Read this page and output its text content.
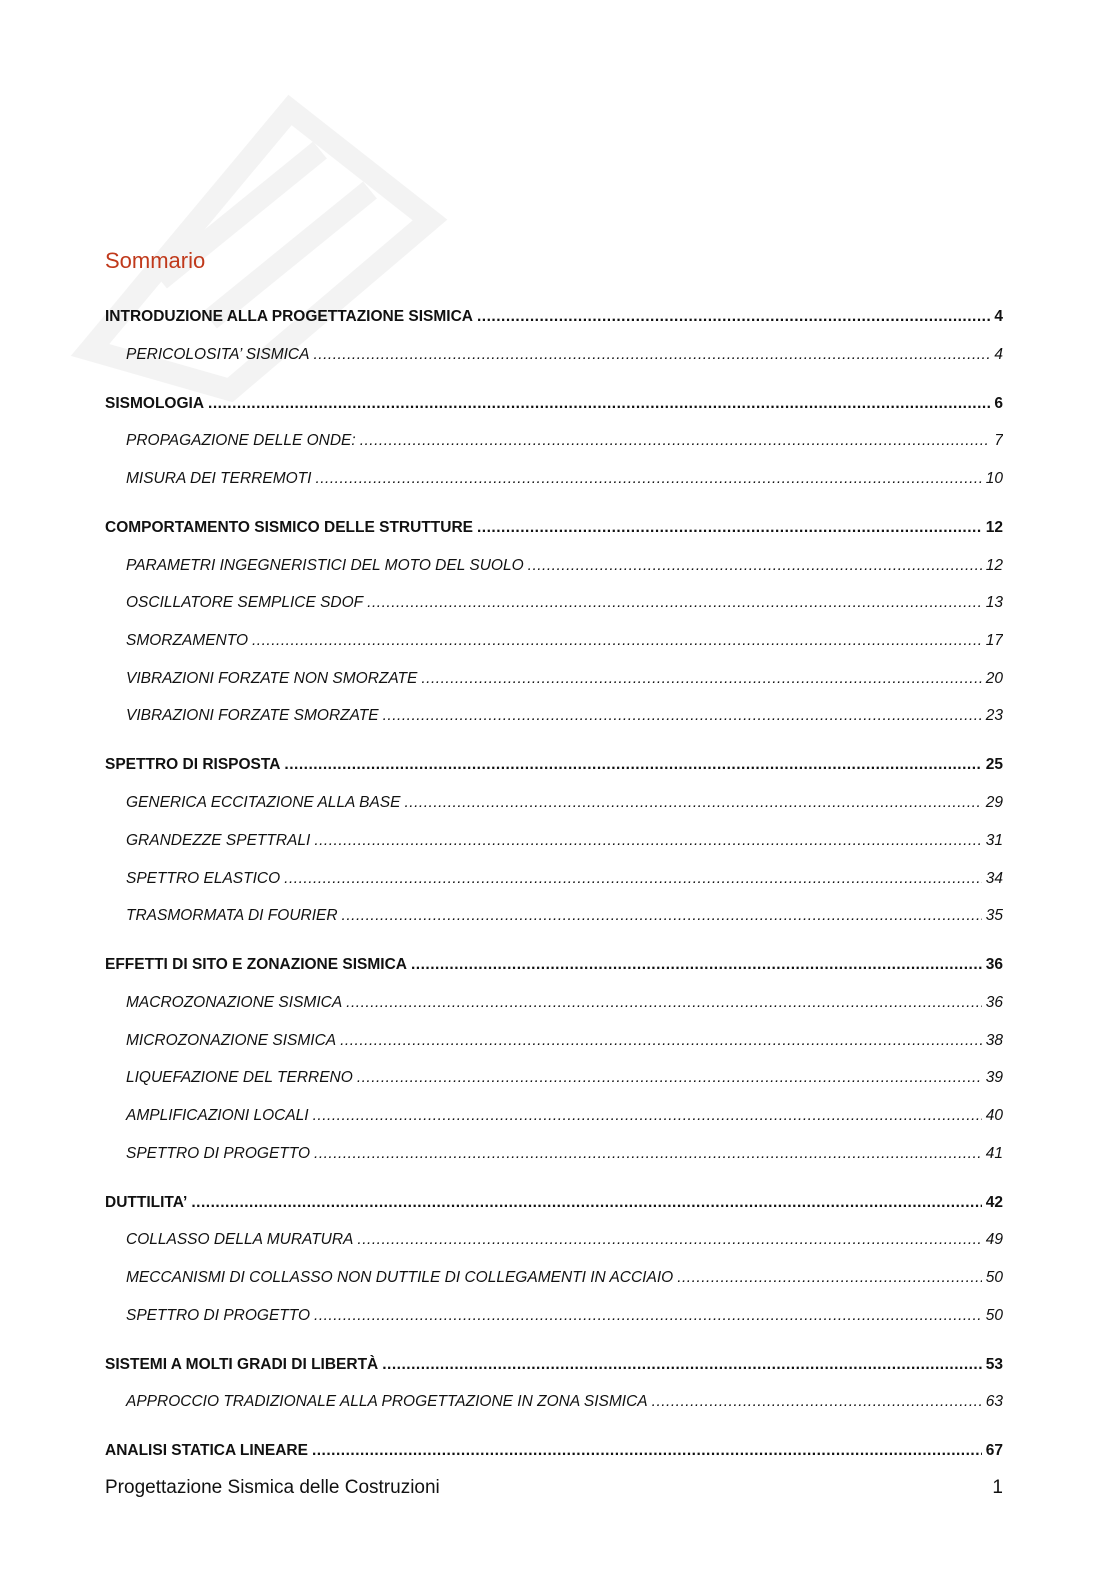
Sommario
INTRODUZIONE ALLA PROGETTAZIONE SISMICA .....	4
PERICOLOSITA’ SISMICA .....	4
SISMOLOGIA .....	6
PROPAGAZIONE DELLE ONDE: .....	7
MISURA DEI TERREMOTI .....	10
COMPORTAMENTO SISMICO DELLE STRUTTURE .....	12
PARAMETRI INGEGNERISTICI DEL MOTO DEL SUOLO .....	12
OSCILLATORE SEMPLICE SDOF .....	13
SMORZAMENTO .....	17
VIBRAZIONI FORZATE NON SMORZATE .....	20
VIBRAZIONI FORZATE SMORZATE .....	23
SPETTRO DI RISPOSTA .....	25
GENERICA ECCITAZIONE ALLA BASE .....	29
GRANDEZZE SPETTRALI .....	31
SPETTRO ELASTICO .....	34
TRASMORMATA DI FOURIER .....	35
EFFETTI DI SITO E ZONAZIONE SISMICA .....	36
MACROZONAZIONE SISMICA .....	36
MICROZONAZIONE SISMICA .....	38
LIQUEFAZIONE DEL TERRENO .....	39
AMPLIFICAZIONI LOCALI .....	40
SPETTRO DI PROGETTO .....	41
DUTTILITA’ .....	42
COLLASSO DELLA MURATURA .....	49
MECCANISMI DI COLLASSO NON DUTTILE DI COLLEGAMENTI IN ACCIAIO .....	50
SPETTRO DI PROGETTO .....	50
SISTEMI A MOLTI GRADI DI LIBERTÀ .....	53
APPROCCIO TRADIZIONALE ALLA PROGETTAZIONE IN ZONA SISMICA .....	63
ANALISI STATICA LINEARE .....	67
Progettazione Sismica delle Costruzioni	1
